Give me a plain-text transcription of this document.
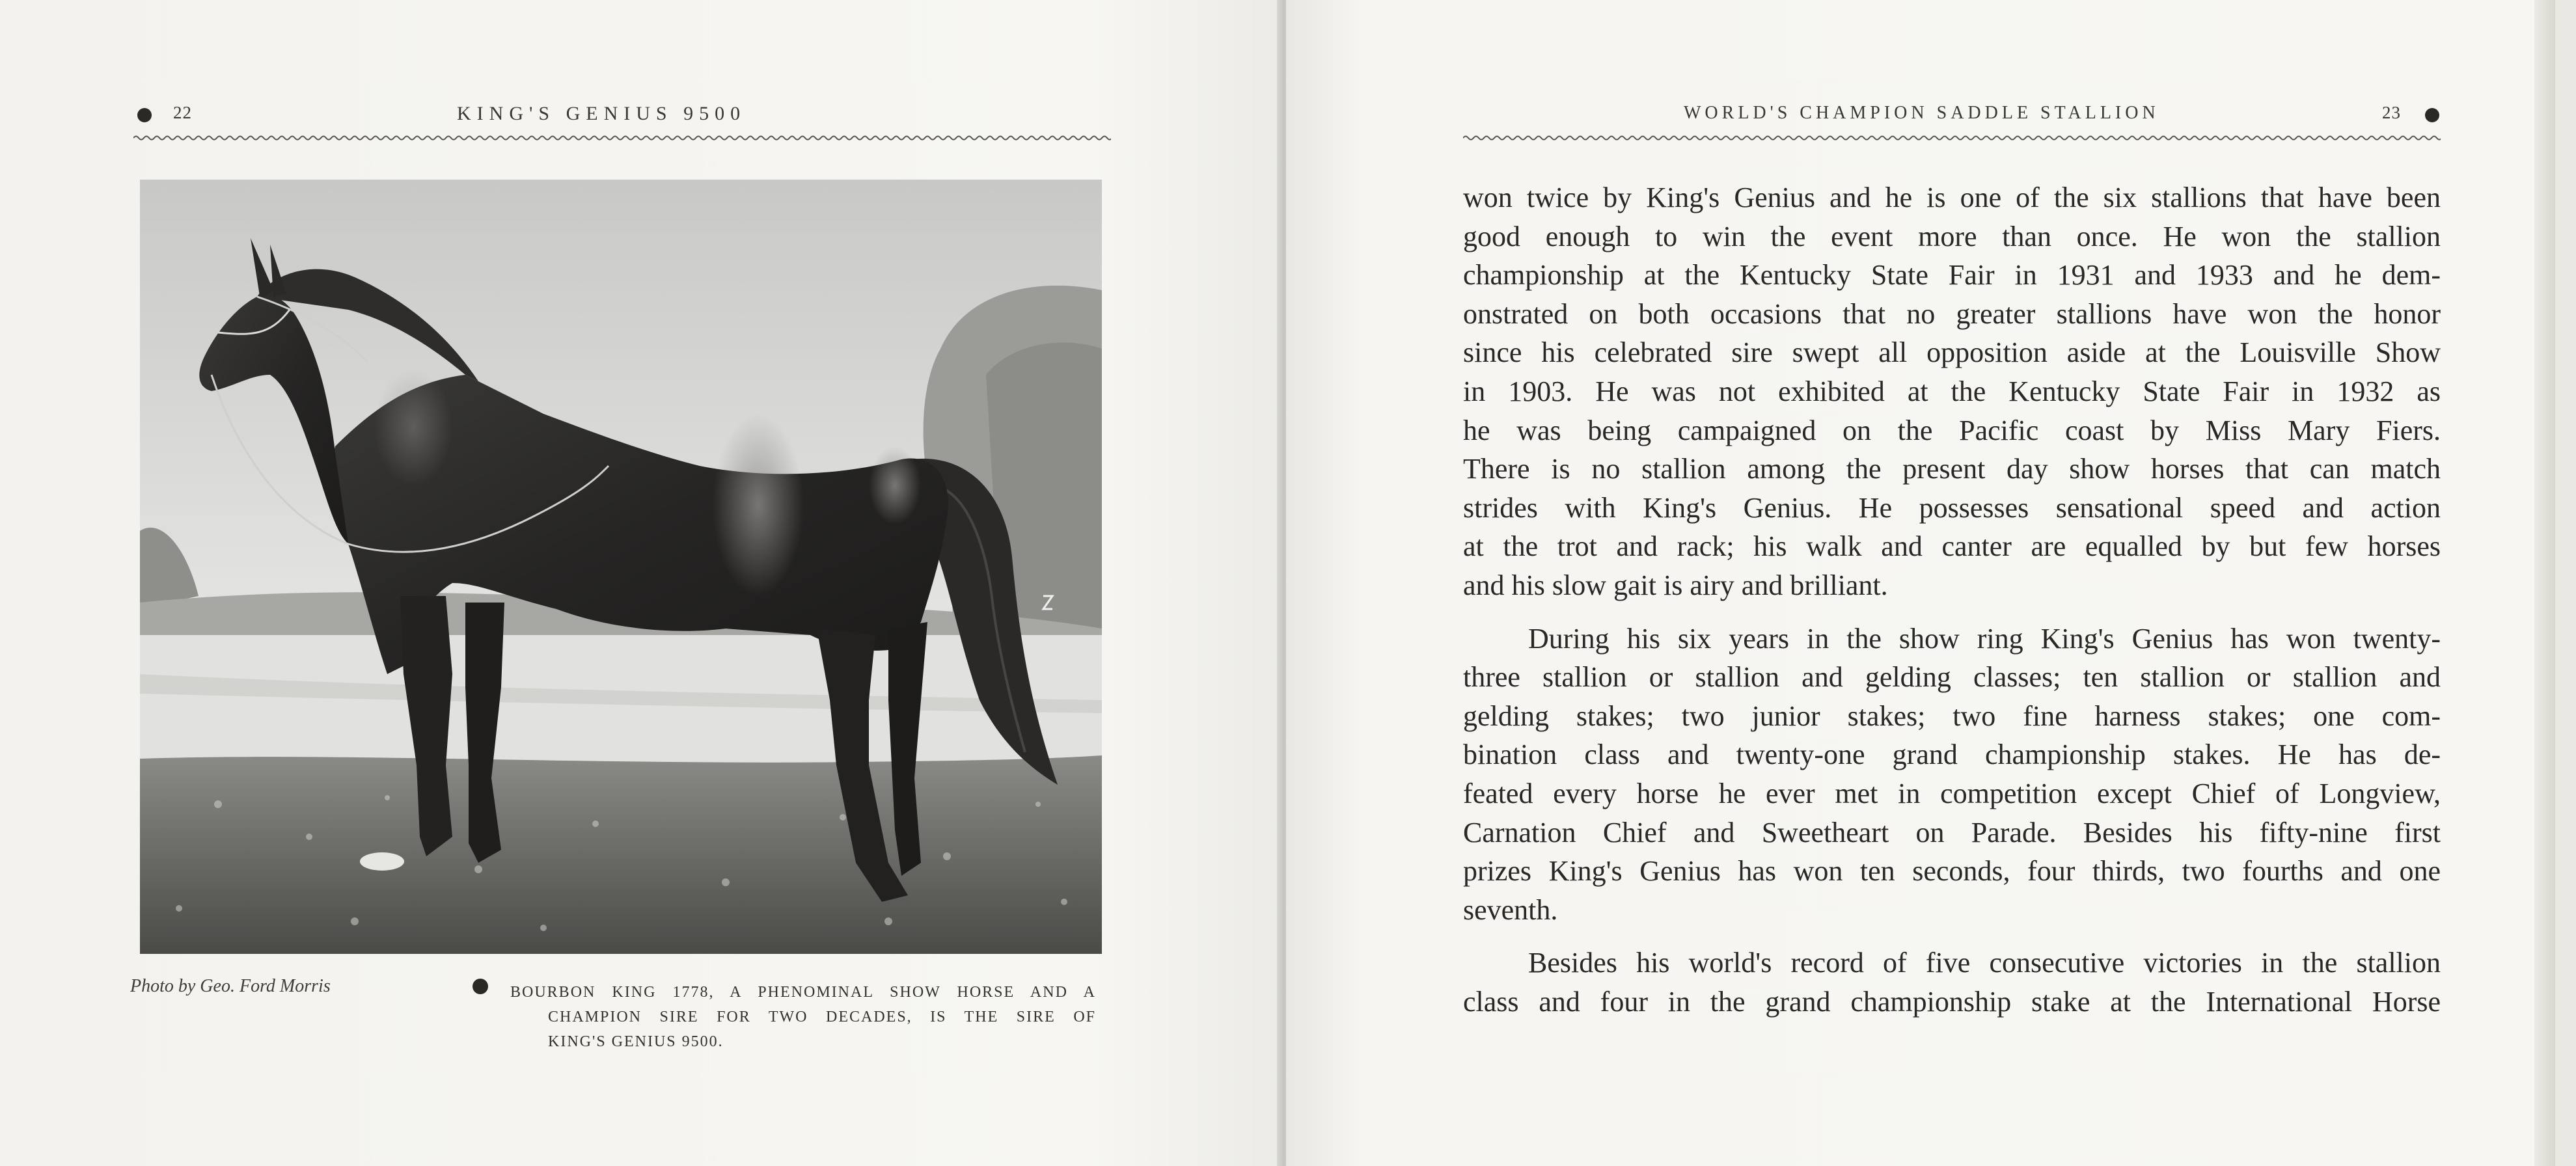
22	KING'S GENIUS 9500
Photo by Geo. Ford Morris	BOURBON KING 1778, A PHENOMINAL SHOW HORSE AND A
CHAMPION SIRE FOR TWO DECADES, IS THE SIRE OF
KING'S GENIUS 9500.
WORLD'S CHAMPION SADDLE STALLION	23
won twice by King's Genius and he is one of the six stallions that have been
good enough to win the event more than once. He won the stallion
championship at the Kentucky State Fair in 1931 and 1933 and he dem-
onstrated on both occasions that no greater stallions have won the honor
since his celebrated sire swept all opposition aside at the Louisville Show
in 1903. He was not exhibited at the Kentucky State Fair in 1932 as
he was being campaigned on the Pacific coast by Miss Mary Fiers.
There is no stallion among the present day show horses that can match
strides with King's Genius. He possesses sensational speed and action
at the trot and rack; his walk and canter are equalled by but few horses
and his slow gait is airy and brilliant.
During his six years in the show ring King's Genius has won twenty-
three stallion or stallion and gelding classes; ten stallion or stallion and
gelding stakes; two junior stakes; two fine harness stakes; one com-
bination class and twenty-one grand championship stakes. He has de-
feated every horse he ever met in competition except Chief of Longview,
Carnation Chief and Sweetheart on Parade. Besides his fifty-nine first
prizes King's Genius has won ten seconds, four thirds, two fourths and one
seventh.
Besides his world's record of five consecutive victories in the stallion
class and four in the grand championship stake at the International Horse
